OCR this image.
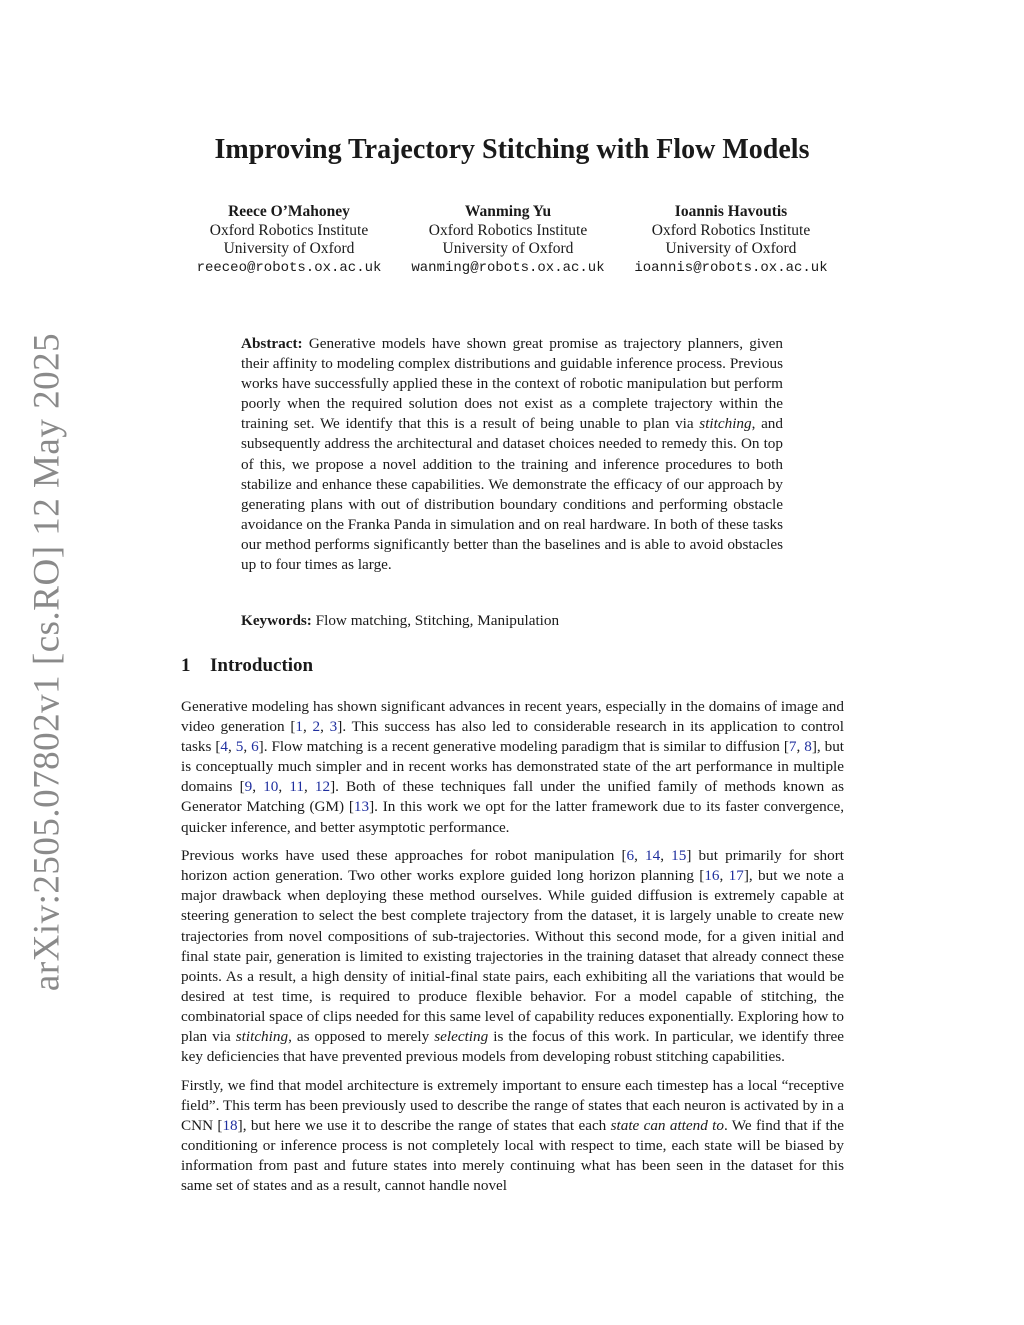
arXiv:2505.07802v1 [cs.RO] 12 May 2025
Improving Trajectory Stitching with Flow Models
Reece O’Mahoney
Oxford Robotics Institute
University of Oxford
reeceo@robots.ox.ac.uk
Wanming Yu
Oxford Robotics Institute
University of Oxford
wanming@robots.ox.ac.uk
Ioannis Havoutis
Oxford Robotics Institute
University of Oxford
ioannis@robots.ox.ac.uk

Abstract: Generative models have shown great promise as trajectory planners, given their affinity to modeling complex distributions and guidable inference process. Previous works have successfully applied these in the context of robotic manipulation but perform poorly when the required solution does not exist as a complete trajectory within the training set. We identify that this is a result of being unable to plan via stitching, and subsequently address the architectural and dataset choices needed to remedy this. On top of this, we propose a novel addition to the training and inference procedures to both stabilize and enhance these capabilities. We demonstrate the efficacy of our approach by generating plans with out of distribution boundary conditions and performing obstacle avoidance on the Franka Panda in simulation and on real hardware. In both of these tasks our method performs significantly better than the baselines and is able to avoid obstacles up to four times as large.

Keywords: Flow matching, Stitching, Manipulation

1 Introduction

Generative modeling has shown significant advances in recent years, especially in the domains of image and video generation [1, 2, 3]. This success has also led to considerable research in its application to control tasks [4, 5, 6]. Flow matching is a recent generative modeling paradigm that is similar to diffusion [7, 8], but is conceptually much simpler and in recent works has demonstrated state of the art performance in multiple domains [9, 10, 11, 12]. Both of these techniques fall under the unified family of methods known as Generator Matching (GM) [13]. In this work we opt for the latter framework due to its faster convergence, quicker inference, and better asymptotic performance.

Previous works have used these approaches for robot manipulation [6, 14, 15] but primarily for short horizon action generation. Two other works explore guided long horizon planning [16, 17], but we note a major drawback when deploying these method ourselves. While guided diffusion is extremely capable at steering generation to select the best complete trajectory from the dataset, it is largely unable to create new trajectories from novel compositions of sub-trajectories. Without this second mode, for a given initial and final state pair, generation is limited to existing trajectories in the training dataset that already connect these points. As a result, a high density of initial-final state pairs, each exhibiting all the variations that would be desired at test time, is required to produce flexible behavior. For a model capable of stitching, the combinatorial space of clips needed for this same level of capability reduces exponentially. Exploring how to plan via stitching, as opposed to merely selecting is the focus of this work. In particular, we identify three key deficiencies that have prevented previous models from developing robust stitching capabilities.

Firstly, we find that model architecture is extremely important to ensure each timestep has a local “receptive field”. This term has been previously used to describe the range of states that each neuron is activated by in a CNN [18], but here we use it to describe the range of states that each state can attend to. We find that if the conditioning or inference process is not completely local with respect to time, each state will be biased by information from past and future states into merely continuing what has been seen in the dataset for this same set of states and as a result, cannot handle novel
